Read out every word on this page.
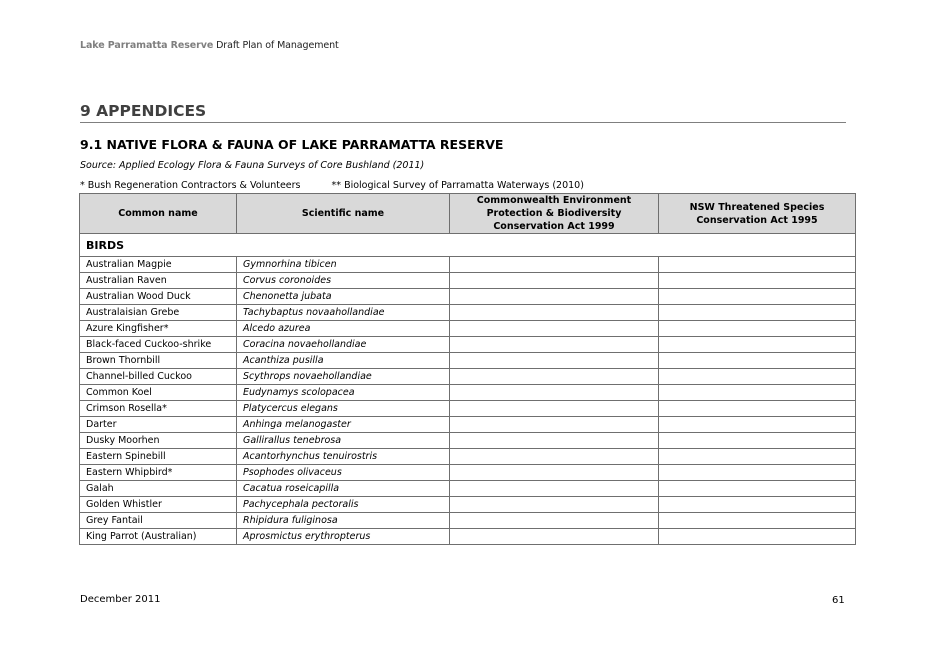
Lake Parramatta Reserve Draft Plan of Management
9 APPENDICES
9.1 NATIVE FLORA & FAUNA OF LAKE PARRAMATTA RESERVE
Source: Applied Ecology Flora & Fauna Surveys of Core Bushland (2011)
* Bush Regeneration Contractors & Volunteers	** Biological Survey of Parramatta Waterways (2010)
Common name	Scientific name	Commonwealth Environment Protection & Biodiversity Conservation Act 1999	NSW Threatened Species Conservation Act 1995
BIRDS			
Australian Magpie	Gymnorhina tibicen		
Australian Raven	Corvus coronoides		
Australian Wood Duck	Chenonetta jubata		
Australaisian Grebe	Tachybaptus novaahollandiae		
Azure Kingfisher*	Alcedo azurea		
Black-faced Cuckoo-shrike	Coracina novaehollandiae		
Brown Thornbill	Acanthiza pusilla		
Channel-billed Cuckoo	Scythrops novaehollandiae		
Common Koel	Eudynamys scolopacea		
Crimson Rosella*	Platycercus elegans		
Darter	Anhinga melanogaster		
Dusky Moorhen	Gallirallus tenebrosa		
Eastern Spinebill	Acantorhynchus tenuirostris		
Eastern Whipbird*	Psophodes olivaceus		
Galah	Cacatua roseicapilla		
Golden Whistler	Pachycephala pectoralis		
Grey Fantail	Rhipidura fuliginosa		
King Parrot (Australian)	Aprosmictus erythropterus		
December 2011	61
